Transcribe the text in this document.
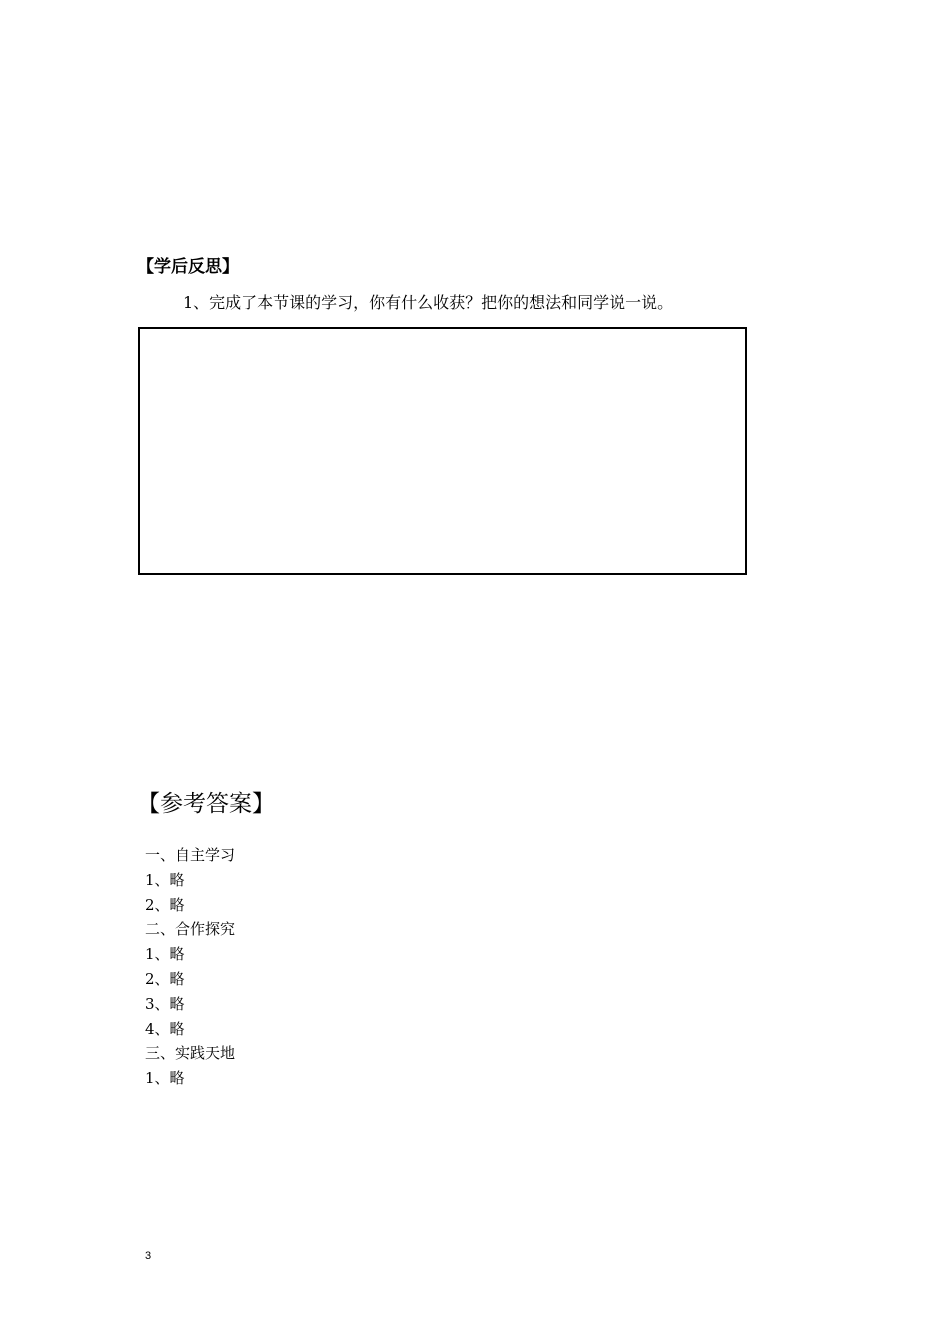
【学后反思】
1、完成了本节课的学习，你有什么收获？把你的想法和同学说一说。
【参考答案】
一、自主学习
1、略
2、略
二、合作探究
1、略
2、略
3、略
4、略
三、实践天地
1、略
3
